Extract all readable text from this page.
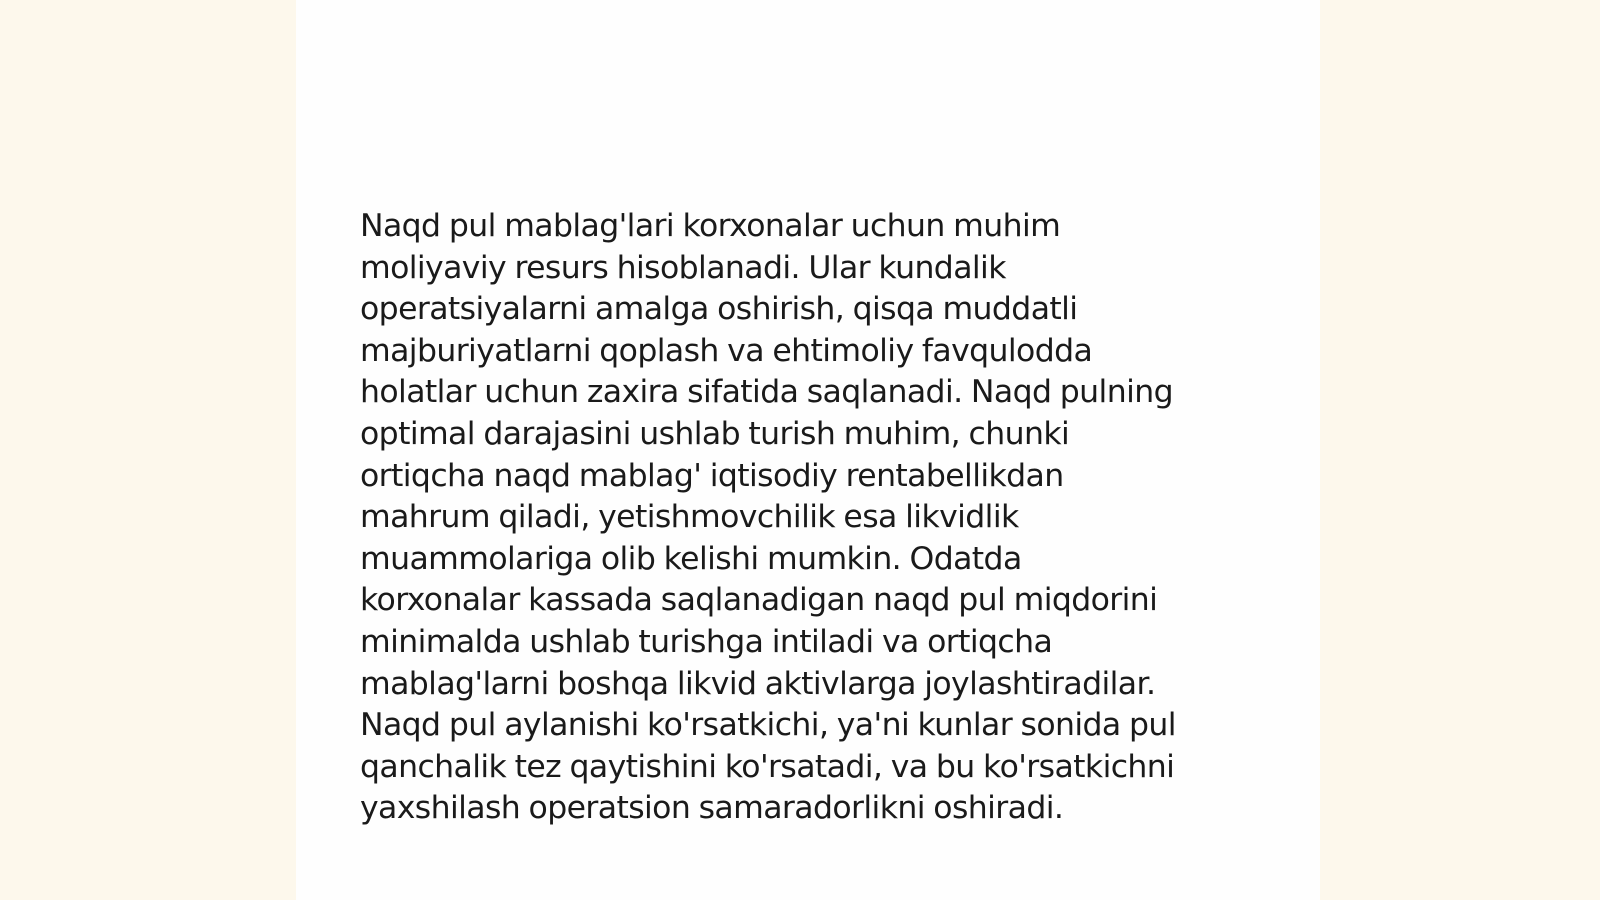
Naqd pul mablag'lari korxonalar uchun muhim
moliyaviy resurs hisoblanadi. Ular kundalik
operatsiyalarni amalga oshirish, qisqa muddatli
majburiyatlarni qoplash va ehtimoliy favqulodda
holatlar uchun zaxira sifatida saqlanadi. Naqd pulning
optimal darajasini ushlab turish muhim, chunki
ortiqcha naqd mablag' iqtisodiy rentabellikdan
mahrum qiladi, yetishmovchilik esa likvidlik
muammolariga olib kelishi mumkin. Odatda
korxonalar kassada saqlanadigan naqd pul miqdorini
minimalda ushlab turishga intiladi va ortiqcha
mablag'larni boshqa likvid aktivlarga joylashtiradilar.
Naqd pul aylanishi ko'rsatkichi, ya'ni kunlar sonida pul
qanchalik tez qaytishini ko'rsatadi, va bu ko'rsatkichni
yaxshilash operatsion samaradorlikni oshiradi.
